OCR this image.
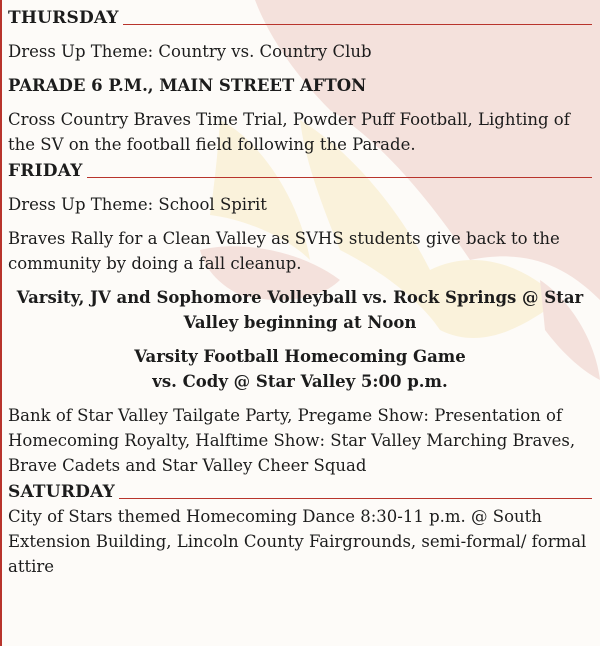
THURSDAY

Dress Up Theme: Country vs. Country Club

PARADE 6 P.M., MAIN STREET AFTON

Cross Country Braves Time Trial, Powder Puff Football, Lighting of the SV on the football field following the Parade.

FRIDAY

Dress Up Theme: School Spirit

Braves Rally for a Clean Valley as SVHS students give back to the community by doing a fall cleanup.

Varsity, JV and Sophomore Volleyball vs. Rock Springs @ Star Valley beginning at Noon

Varsity Football Homecoming Game

vs. Cody @ Star Valley 5:00 p.m.

Bank of Star Valley Tailgate Party, Pregame Show: Presentation of Homecoming Royalty, Halftime Show: Star Valley Marching Braves, Brave Cadets and Star Valley Cheer Squad

SATURDAY

City of Stars themed Homecoming Dance 8:30-11 p.m. @ South Extension Building, Lincoln County Fairgrounds, semi-formal/ formal attire
